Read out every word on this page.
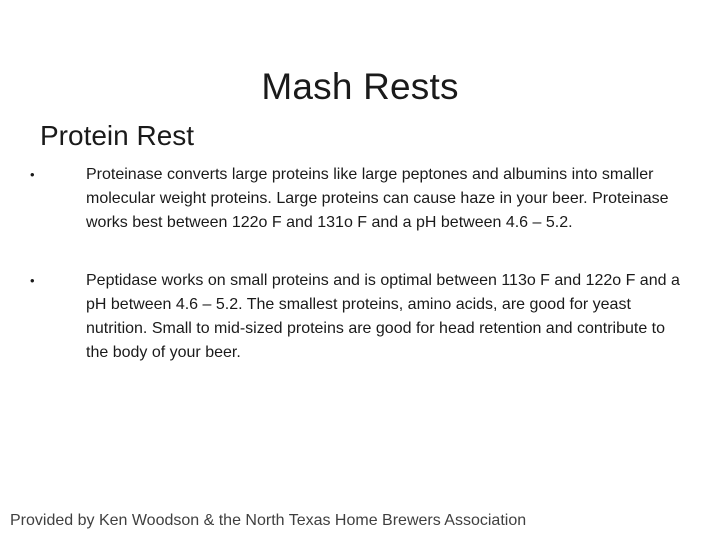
Mash Rests
Protein Rest
•	Proteinase converts large proteins like large peptones and albumins into smaller molecular weight proteins. Large proteins can cause haze in your beer. Proteinase works best between 122o F and 131o F and a pH between 4.6 – 5.2.
•	Peptidase works on small proteins and is optimal between 113o F and 122o F and a pH between 4.6 – 5.2. The smallest proteins, amino acids, are good for yeast nutrition. Small to mid-sized proteins are good for head retention and contribute to the body of your beer.
Provided by Ken Woodson & the North Texas Home Brewers Association
